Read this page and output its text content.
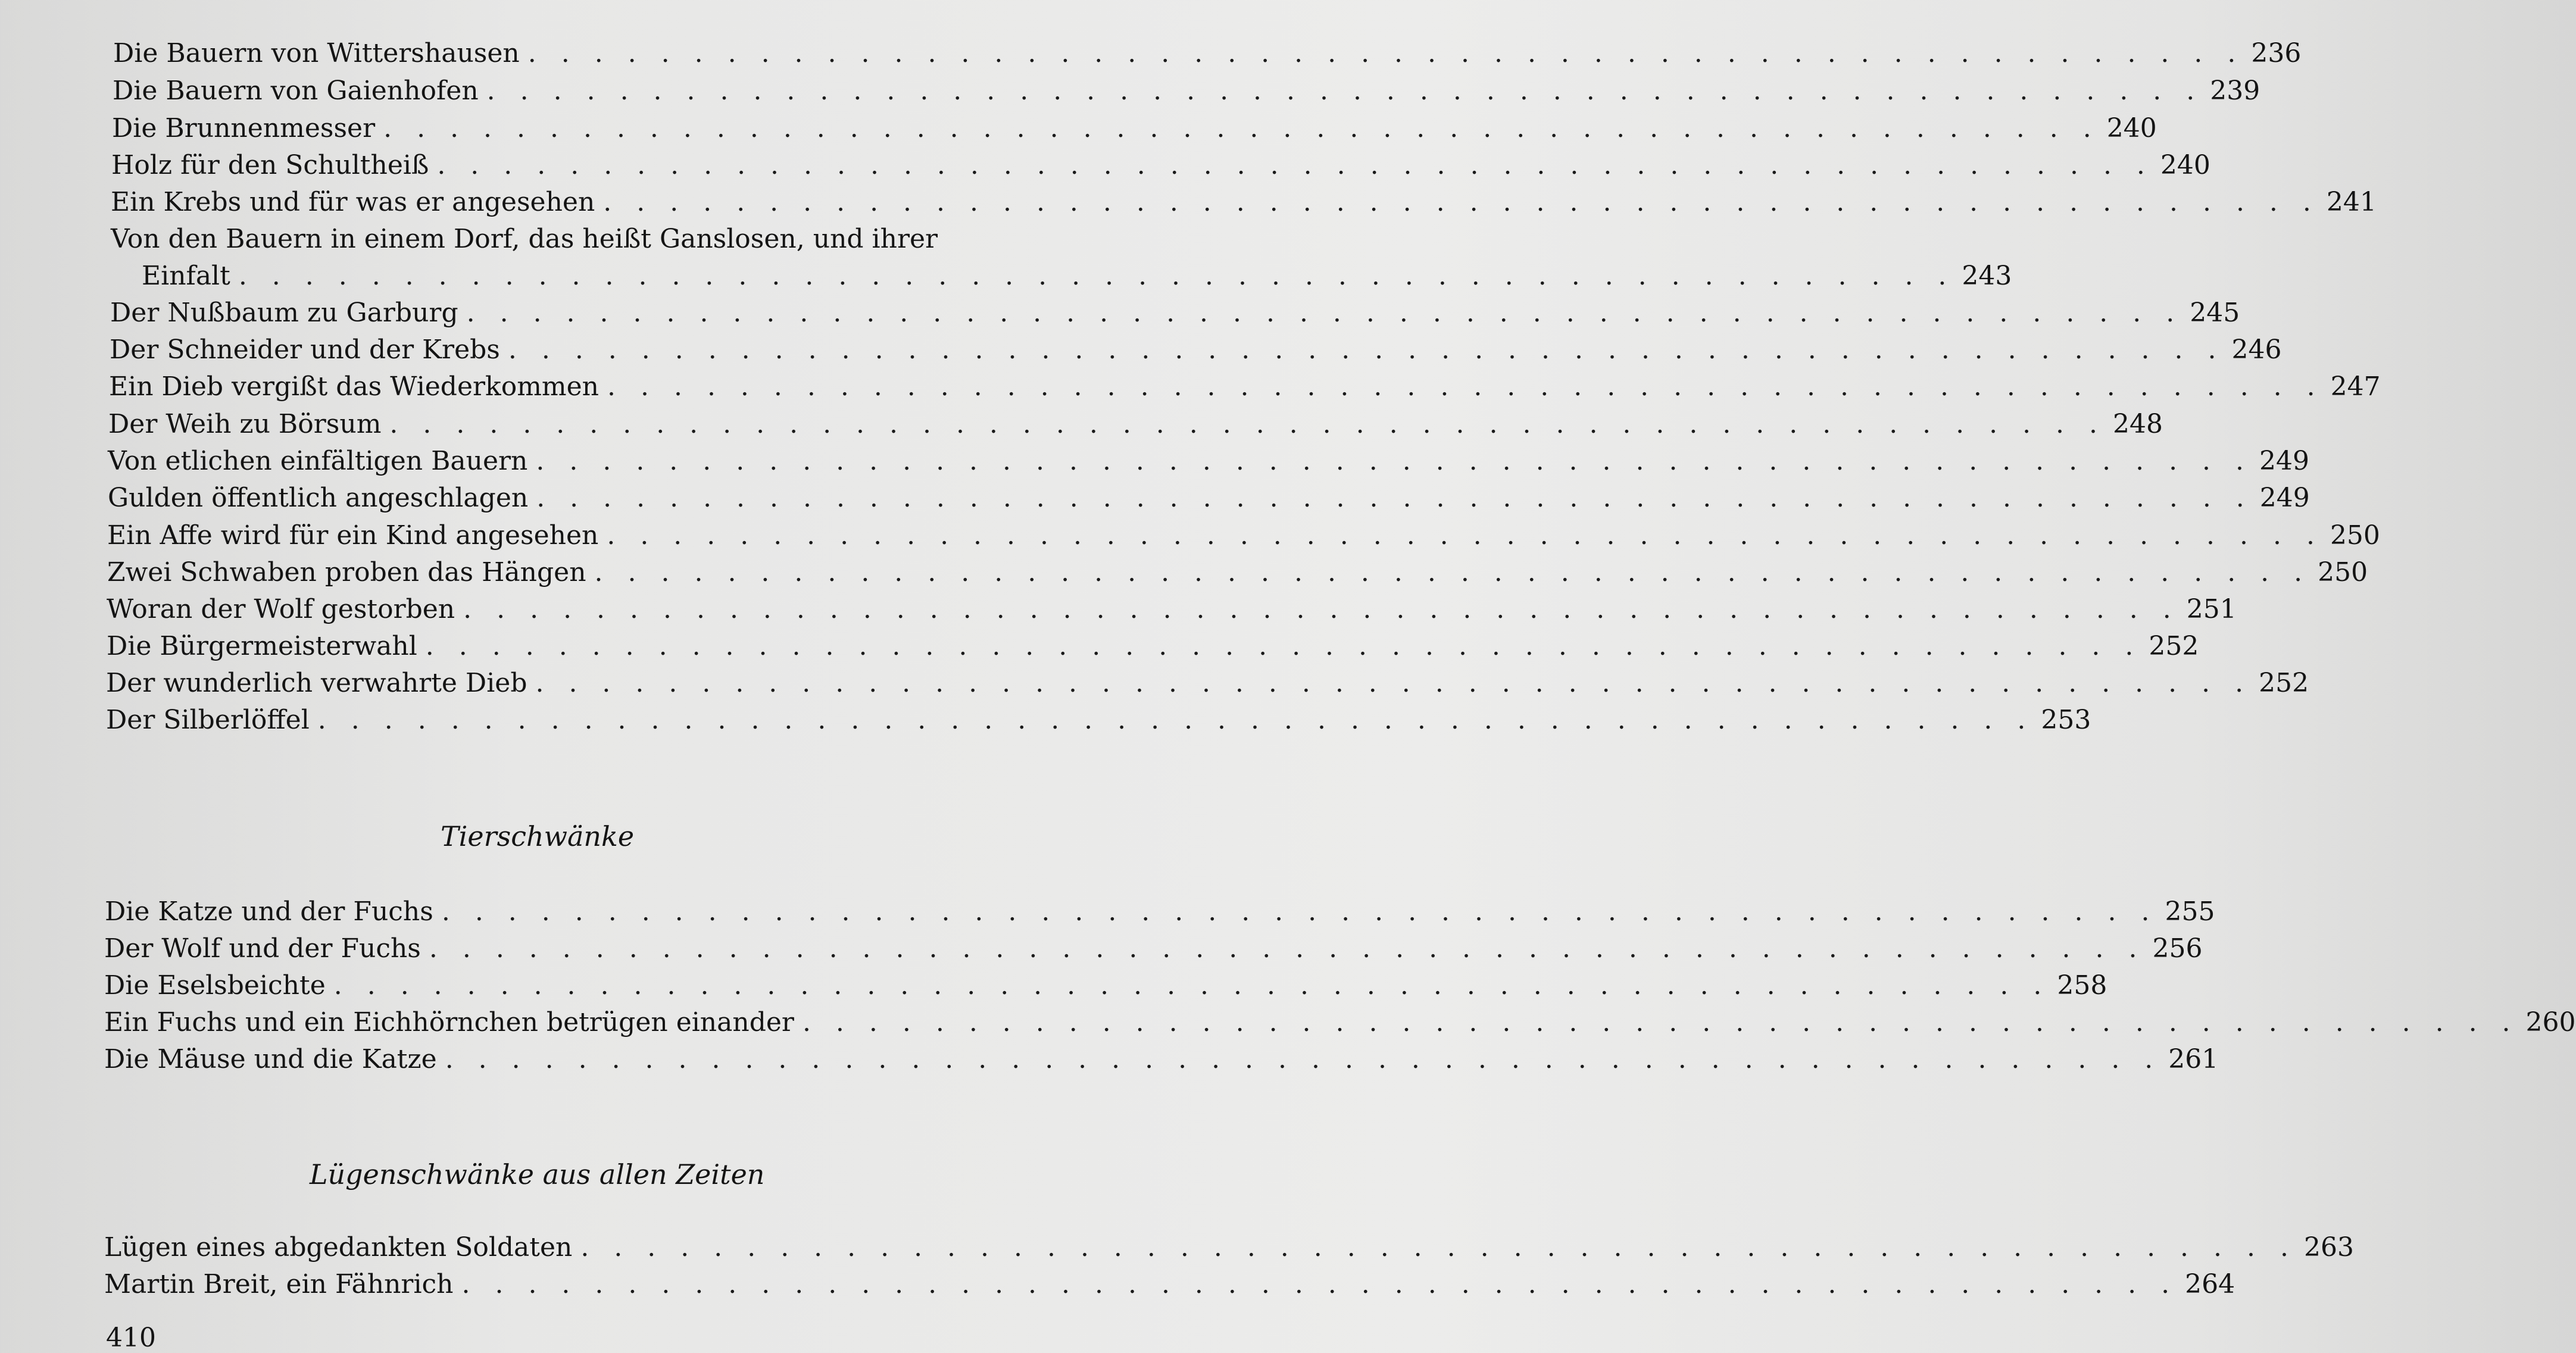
Die Bauern von Wittershausen . . . . . . . . . . . . . . . . . . . . . . . . . . . . . . . . . . . . . . . . . . . . . . . . . . . . 236
Die Bauern von Gaienhofen . . . . . . . . . . . . . . . . . . . . . . . . . . . . . . . . . . . . . . . . . . . . . . . . . . . . 239
Die Brunnenmesser . . . . . . . . . . . . . . . . . . . . . . . . . . . . . . . . . . . . . . . . . . . . . . . . . . . . 240
Holz für den Schultheiß . . . . . . . . . . . . . . . . . . . . . . . . . . . . . . . . . . . . . . . . . . . . . . . . . . . . 240
Ein Krebs und für was er angesehen . . . . . . . . . . . . . . . . . . . . . . . . . . . . . . . . . . . . . . . . . . . . . . . . . . . . 241
Von den Bauern in einem Dorf, das heißt Ganslosen, und ihrer
Einfalt . . . . . . . . . . . . . . . . . . . . . . . . . . . . . . . . . . . . . . . . . . . . . . . . . . . . 243
Der Nußbaum zu Garburg . . . . . . . . . . . . . . . . . . . . . . . . . . . . . . . . . . . . . . . . . . . . . . . . . . . . 245
Der Schneider und der Krebs . . . . . . . . . . . . . . . . . . . . . . . . . . . . . . . . . . . . . . . . . . . . . . . . . . . . 246
Ein Dieb vergißt das Wiederkommen . . . . . . . . . . . . . . . . . . . . . . . . . . . . . . . . . . . . . . . . . . . . . . . . . . . . 247
Der Weih zu Börsum . . . . . . . . . . . . . . . . . . . . . . . . . . . . . . . . . . . . . . . . . . . . . . . . . . . . 248
Von etlichen einfältigen Bauern . . . . . . . . . . . . . . . . . . . . . . . . . . . . . . . . . . . . . . . . . . . . . . . . . . . . 249
Gulden öffentlich angeschlagen . . . . . . . . . . . . . . . . . . . . . . . . . . . . . . . . . . . . . . . . . . . . . . . . . . . . 249
Ein Affe wird für ein Kind angesehen . . . . . . . . . . . . . . . . . . . . . . . . . . . . . . . . . . . . . . . . . . . . . . . . . . . . 250
Zwei Schwaben proben das Hängen . . . . . . . . . . . . . . . . . . . . . . . . . . . . . . . . . . . . . . . . . . . . . . . . . . . . 250
Woran der Wolf gestorben . . . . . . . . . . . . . . . . . . . . . . . . . . . . . . . . . . . . . . . . . . . . . . . . . . . . 251
Die Bürgermeisterwahl . . . . . . . . . . . . . . . . . . . . . . . . . . . . . . . . . . . . . . . . . . . . . . . . . . . . 252
Der wunderlich verwahrte Dieb . . . . . . . . . . . . . . . . . . . . . . . . . . . . . . . . . . . . . . . . . . . . . . . . . . . . 252
Der Silberlöffel . . . . . . . . . . . . . . . . . . . . . . . . . . . . . . . . . . . . . . . . . . . . . . . . . . . . 253
Tierschwänke
Die Katze und der Fuchs . . . . . . . . . . . . . . . . . . . . . . . . . . . . . . . . . . . . . . . . . . . . . . . . . . . . 255
Der Wolf und der Fuchs . . . . . . . . . . . . . . . . . . . . . . . . . . . . . . . . . . . . . . . . . . . . . . . . . . . . 256
Die Eselsbeichte . . . . . . . . . . . . . . . . . . . . . . . . . . . . . . . . . . . . . . . . . . . . . . . . . . . . 258
Ein Fuchs und ein Eichhörnchen betrügen einander . . . . . . . . . . . . . . . . . . . . . . . . . . . . . . . . . . . . . . . . . . . . . . . . . . . . 260
Die Mäuse und die Katze . . . . . . . . . . . . . . . . . . . . . . . . . . . . . . . . . . . . . . . . . . . . . . . . . . . . 261
Lügenschwänke aus allen Zeiten
Lügen eines abgedankten Soldaten . . . . . . . . . . . . . . . . . . . . . . . . . . . . . . . . . . . . . . . . . . . . . . . . . . . . 263
Martin Breit, ein Fähnrich . . . . . . . . . . . . . . . . . . . . . . . . . . . . . . . . . . . . . . . . . . . . . . . . . . . . 264
410
